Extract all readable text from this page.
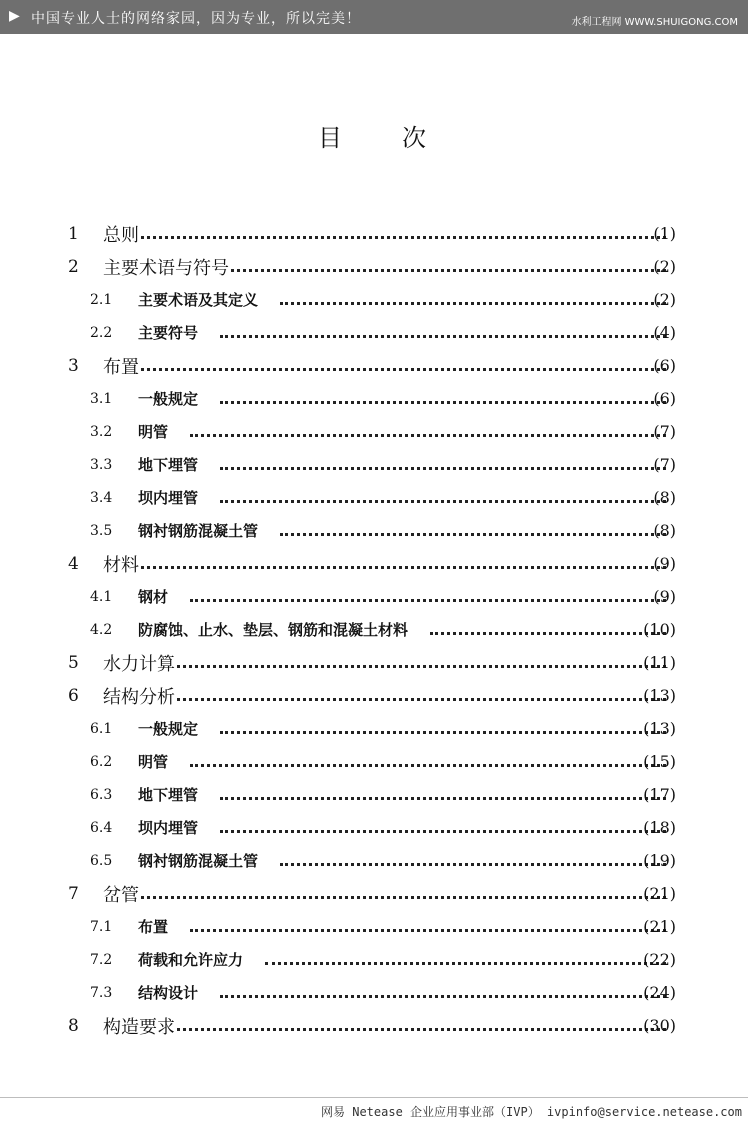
▶ 中国专业人士的网络家园，因为专业，所以完美！	水利工程网 WWW.SHUIGONG.COM
目次
1 总则	(1)
2 主要术语与符号	(2)
2.1 主要术语及其定义	(2)
2.2 主要符号	(4)
3 布置	(6)
3.1 一般规定	(6)
3.2 明管	(7)
3.3 地下埋管	(7)
3.4 坝内埋管	(8)
3.5 钢衬钢筋混凝土管	(8)
4 材料	(9)
4.1 钢材	(9)
4.2 防腐蚀、止水、垫层、钢筋和混凝土材料	(10)
5 水力计算	(11)
6 结构分析	(13)
6.1 一般规定	(13)
6.2 明管	(15)
6.3 地下埋管	(17)
6.4 坝内埋管	(18)
6.5 钢衬钢筋混凝土管	(19)
7 岔管	(21)
7.1 布置	(21)
7.2 荷载和允许应力	(22)
7.3 结构设计	(24)
8 构造要求	(30)
网易 Netease 企业应用事业部（IVP） ivpinfo@service.netease.com
